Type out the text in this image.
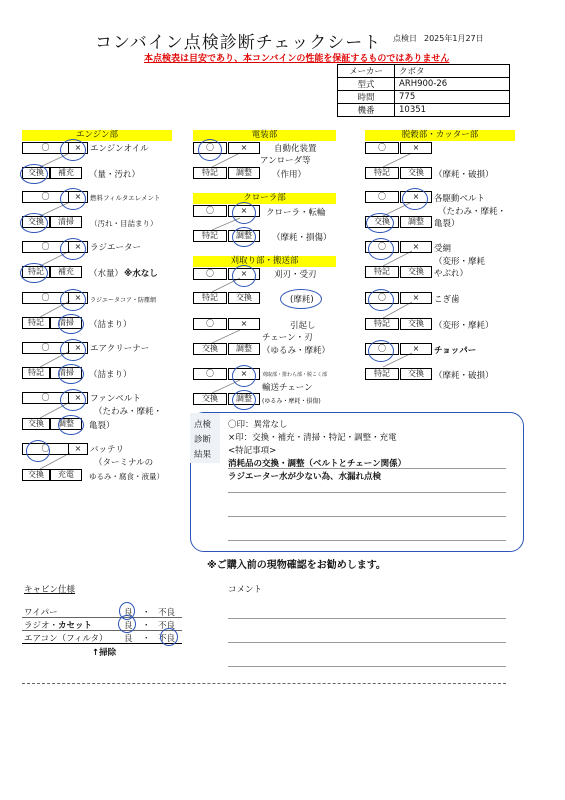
コンバイン点検診断チェックシート 点検日 2025年1月27日
本点検表は目安であり、本コンバインの性能を保証するものではありません
メーカー	クボタ
型式	ARH900-26
時間	775
機番	10351
エンジン部	電装部	脱穀部・カッター部
クローラ部
刈取り部・搬送部
〇	×	エンジンオイル
交換	補充	（量・汚れ）
〇	×	燃料フィルタエレメント
交換	清掃	（汚れ・目詰まり）
〇	×	ラジエーター
特記	補充	（水量） ※水なし
〇	×	ラジエータコア・防塵網
特記	清掃	（詰まり）
〇	×	エアクリーナー
特記	清掃	（詰まり）
〇	×	ファンベルト
（たわみ・摩耗・
交換	調整	亀裂）
〇	×	バッテリ
（ターミナルの
交換	充電	ゆるみ・腐食・液量）
〇	×	自動化装置
アンローダ等
特記	調整	（作用）
〇	×	クローラ・転輪
特記	調整	（摩耗・損傷）
〇	×	刈刃・受刃
特記	交換	(摩耗)
〇	×	引起し
チェーン・刃
交換	調整	（ゆるみ・摩耗）
〇	×	刈取部・排わら部・脱こく部
輸送チェーン
交換	調整	(ゆるみ・摩耗・損傷)
〇	×
特記	交換	（摩耗・破損）
〇	×	各駆動ベルト
（たわみ・摩耗・
交換	調整	亀裂）
〇	×	受網
（変形・摩耗
特記	交換	やぶれ）
〇	×	こぎ歯
特記	交換	（変形・摩耗）
〇	×	チョッパー
特記	交換	（摩耗・破損）
点検
診断
結果
〇印：異常なし
×印：交換・補充・清掃・特記・調整・充電
<特記事項>
消耗品の交換・調整（ベルトとチェーン関係）
ラジエーター水が少ない為、水漏れ点検
※ご購入前の現物確認をお勧めします。
キャビン仕様
ワイパー	良 ・ 不良
ラジオ・カセット	良 ・ 不良
エアコン（フィルタ） 良 ・ 不良
↑掃除
コメント
